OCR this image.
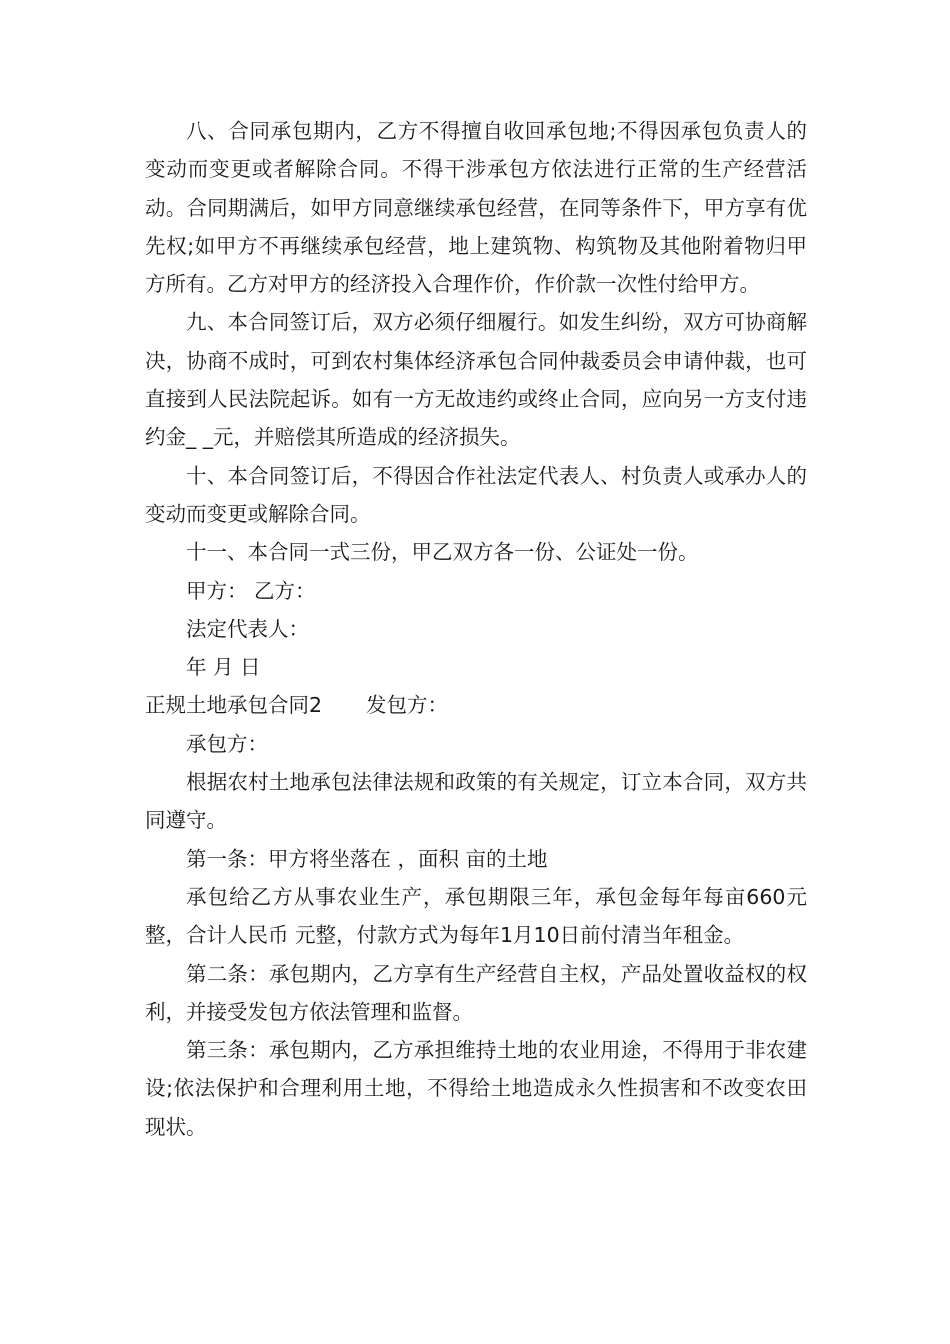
八、合同承包期内，乙方不得擅自收回承包地;不得因承包负责人的变动而变更或者解除合同。不得干涉承包方依法进行正常的生产经营活动。合同期满后，如甲方同意继续承包经营，在同等条件下，甲方享有优先权;如甲方不再继续承包经营，地上建筑物、构筑物及其他附着物归甲方所有。乙方对甲方的经济投入合理作价，作价款一次性付给甲方。

九、本合同签订后，双方必须仔细履行。如发生纠纷，双方可协商解决，协商不成时，可到农村集体经济承包合同仲裁委员会申请仲裁，也可直接到人民法院起诉。如有一方无故违约或终止合同，应向另一方支付违约金_ _元，并赔偿其所造成的经济损失。

十、本合同签订后，不得因合作社法定代表人、村负责人或承办人的变动而变更或解除合同。

十一、本合同一式三份，甲乙双方各一份、公证处一份。

甲方： 乙方：

法定代表人：

年 月 日

正规土地承包合同2 发包方：

承包方：

根据农村土地承包法律法规和政策的有关规定，订立本合同，双方共同遵守。

第一条：甲方将坐落在 ，面积 亩的土地

承包给乙方从事农业生产，承包期限三年，承包金每年每亩660元整，合计人民币 元整，付款方式为每年1月10日前付清当年租金。

第二条：承包期内，乙方享有生产经营自主权，产品处置收益权的权利，并接受发包方依法管理和监督。

第三条：承包期内，乙方承担维持土地的农业用途，不得用于非农建设;依法保护和合理利用土地，不得给土地造成永久性损害和不改变农田现状。
